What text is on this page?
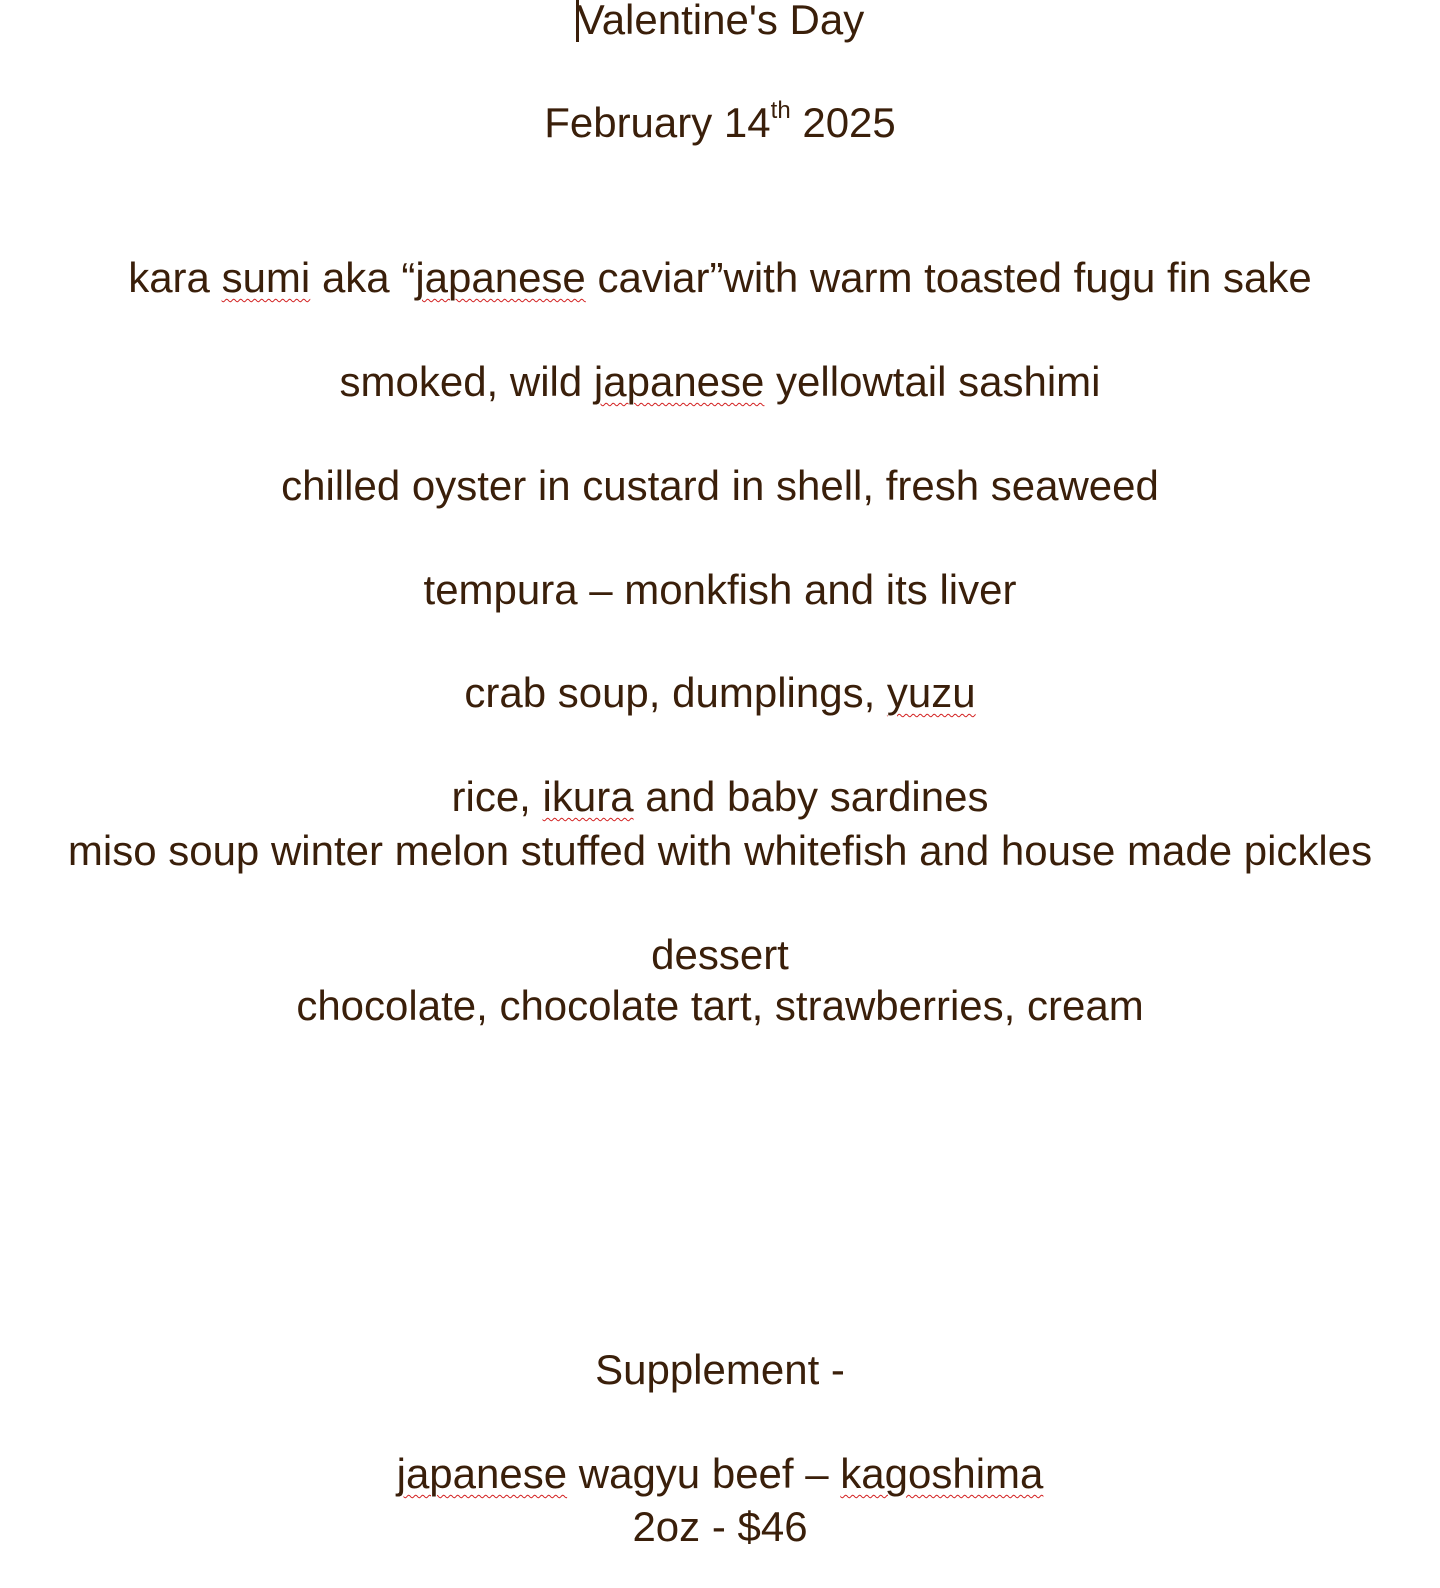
Valentine's Day
February 14th 2025
kara sumi aka “japanese caviar”with warm toasted fugu fin sake
smoked, wild japanese yellowtail sashimi
chilled oyster in custard in shell, fresh seaweed
tempura – monkfish and its liver
crab soup, dumplings, yuzu
rice, ikura and baby sardines
miso soup winter melon stuffed with whitefish and house made pickles
dessert
chocolate, chocolate tart, strawberries, cream
Supplement -
japanese wagyu beef – kagoshima
2oz - $46
